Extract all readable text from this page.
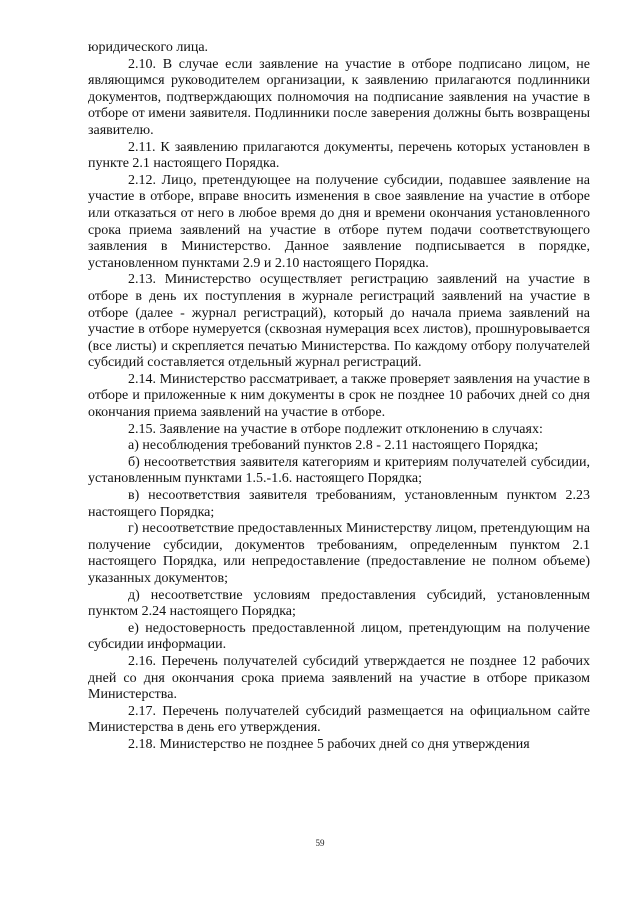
юридического лица.

2.10. В случае если заявление на участие в отборе подписано лицом, не являющимся руководителем организации, к заявлению прилагаются подлинники документов, подтверждающих полномочия на подписание заявления на участие в отборе от имени заявителя. Подлинники после заверения должны быть возвращены заявителю.

2.11. К заявлению прилагаются документы, перечень которых установлен в пункте 2.1 настоящего Порядка.

2.12. Лицо, претендующее на получение субсидии, подавшее заявление на участие в отборе, вправе вносить изменения в свое заявление на участие в отборе или отказаться от него в любое время до дня и времени окончания установленного срока приема заявлений на участие в отборе путем подачи соответствующего заявления в Министерство. Данное заявление подписывается в порядке, установленном пунктами 2.9 и 2.10 настоящего Порядка.

2.13. Министерство осуществляет регистрацию заявлений на участие в отборе в день их поступления в журнале регистраций заявлений на участие в отборе (далее - журнал регистраций), который до начала приема заявлений на участие в отборе нумеруется (сквозная нумерация всех листов), прошнуровывается (все листы) и скрепляется печатью Министерства. По каждому отбору получателей субсидий составляется отдельный журнал регистраций.

2.14. Министерство рассматривает, а также проверяет заявления на участие в отборе и приложенные к ним документы в срок не позднее 10 рабочих дней со дня окончания приема заявлений на участие в отборе.

2.15. Заявление на участие в отборе подлежит отклонению в случаях:

а) несоблюдения требований пунктов 2.8 - 2.11 настоящего Порядка;

б) несоответствия заявителя категориям и критериям получателей субсидии, установленным пунктами 1.5.-1.6. настоящего Порядка;

в) несоответствия заявителя требованиям, установленным пунктом 2.23 настоящего Порядка;

г) несоответствие предоставленных Министерству лицом, претендующим на получение субсидии, документов требованиям, определенным пунктом 2.1 настоящего Порядка, или непредоставление (предоставление не полном объеме) указанных документов;

д) несоответствие условиям предоставления субсидий, установленным пунктом 2.24 настоящего Порядка;

е) недостоверность предоставленной лицом, претендующим на получение субсидии информации.

2.16. Перечень получателей субсидий утверждается не позднее 12 рабочих дней со дня окончания срока приема заявлений на участие в отборе приказом Министерства.

2.17. Перечень получателей субсидий размещается на официальном сайте Министерства в день его утверждения.

2.18. Министерство не позднее 5 рабочих дней со дня утверждения

59
